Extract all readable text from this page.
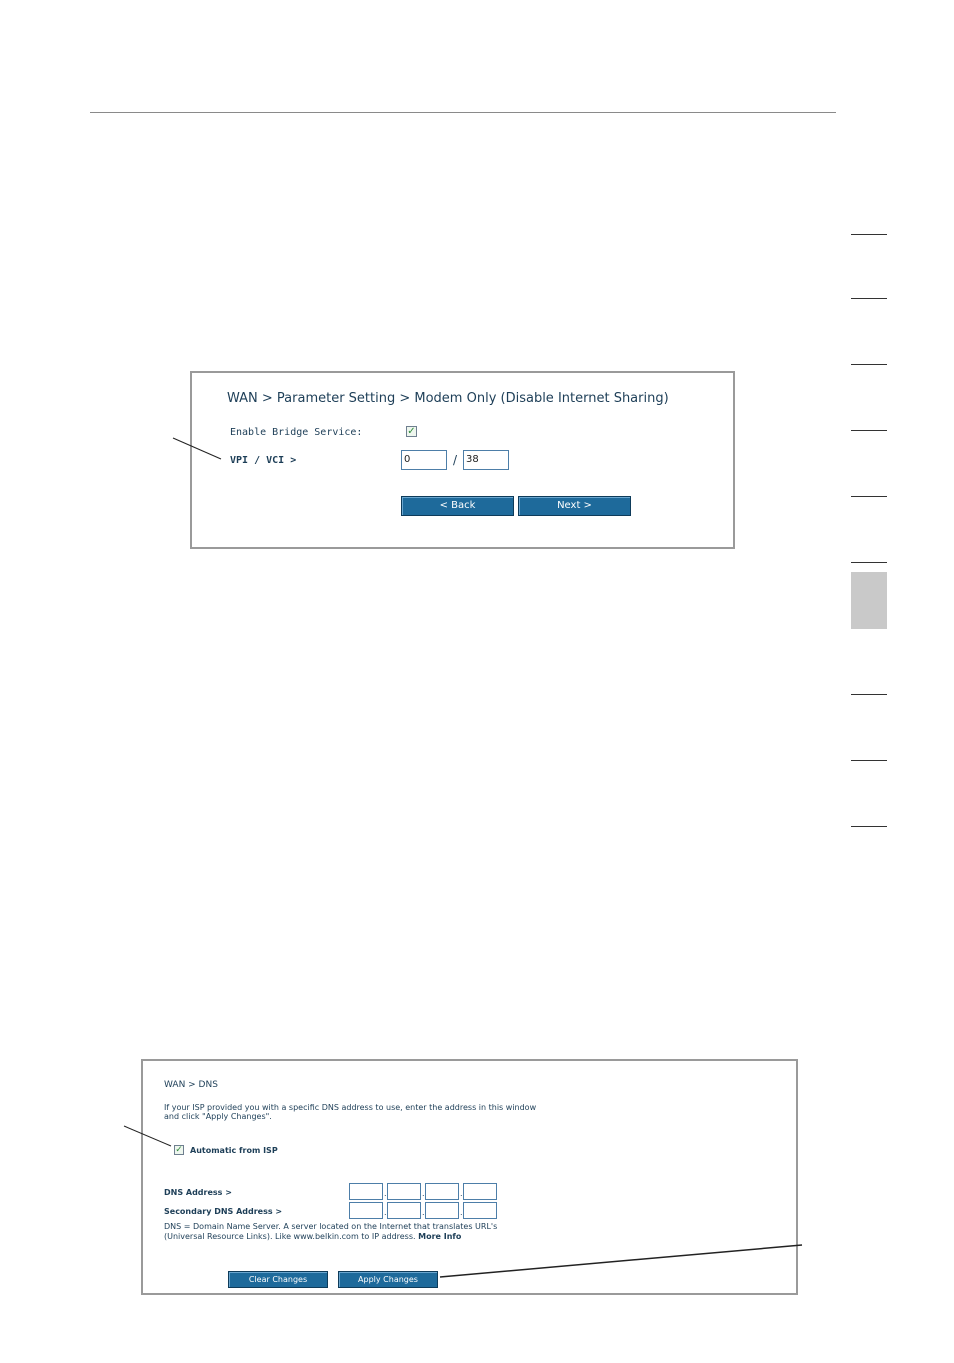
WAN > Parameter Setting > Modem Only (Disable Internet Sharing)
Enable Bridge Service:	✓
VPI / VCI >	0	/ 38
< Back	Next >
WAN > DNS
If your ISP provided you with a specific DNS address to use, enter the address in this window
and click "Apply Changes".
✓ Automatic from ISP
DNS Address >	.	.	.
Secondary DNS Address >	.	.	.
DNS = Domain Name Server. A server located on the Internet that translates URL's
(Universal Resource Links). Like www.belkin.com to IP address. More Info
Clear Changes	Apply Changes
